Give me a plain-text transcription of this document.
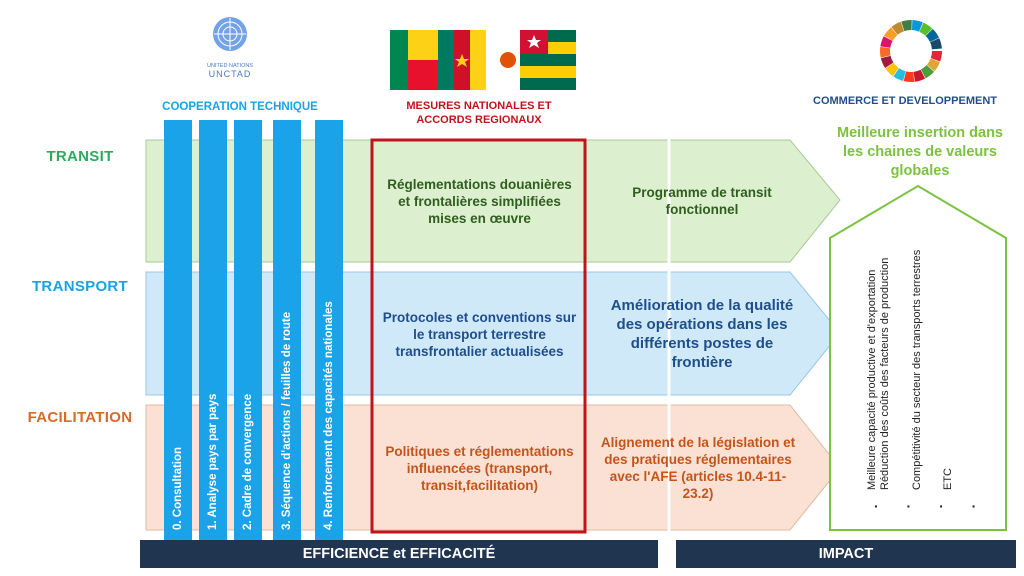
UNITED NATIONS
UNCTAD
COOPERATION TECHNIQUE	MESURES NATIONALES ET ACCORDS REGIONAUX
COMMERCE ET DEVELOPPEMENT
TRANSIT
TRANSPORT
FACILITATION
0. Consultation 1. Analyse pays par pays 2. Cadre de convergence 3. Séquence d'actions / feuilles de route	4. Renforcement des capacités nationales
Réglementations douanières et frontalières simplifiées mises en œuvre
Protocoles et conventions sur le transport terrestre transfrontalier actualisées
Politiques et réglementations influencées (transport, transit,facilitation)
Programme de transit fonctionnel
Amélioration de la qualité des opérations dans les différents postes de frontière
Alignement de la législation et des pratiques réglementaires avec l'AFE (articles 10.4-11-23.2)
Meilleure insertion dans les chaines de valeurs globales
Meilleure capacité productive et d'exportation Réduction des coûts des facteurs de production Compétitivité du secteur des transports terrestres ETC
· · · ·
EFFICIENCE et EFFICACITÉ	IMPACT
